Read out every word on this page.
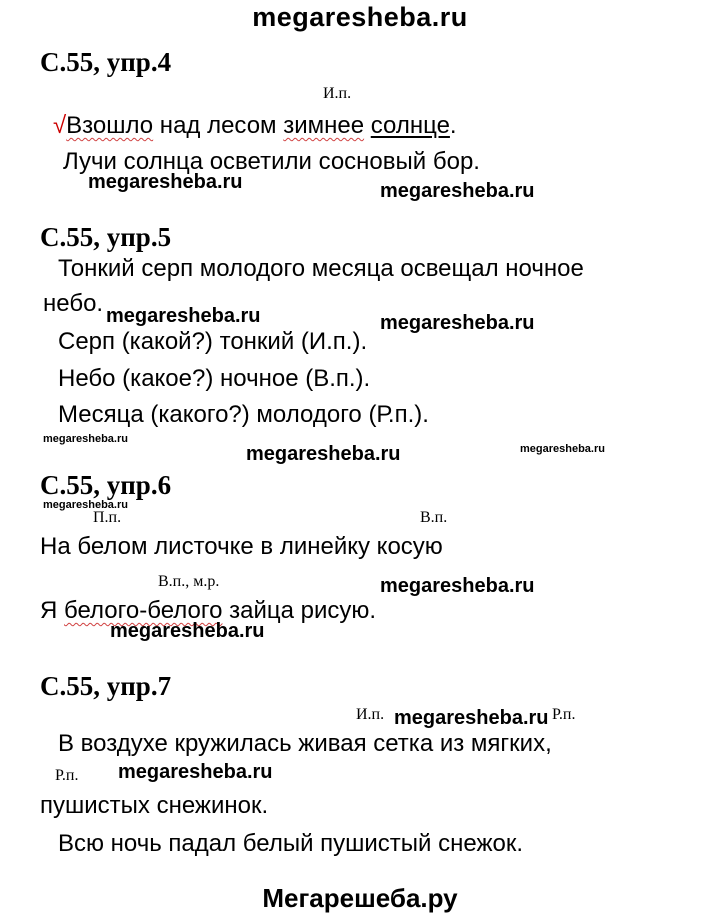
megaresheba.ru
Мегарешеба.ру
С.55, упр.4
И.п.
√Взошло над лесом зимнее солнце.
Лучи солнца осветили сосновый бор.
megaresheba.ru	megaresheba.ru
С.55, упр.5
Тонкий серп молодого месяца освещал ночное
небо. megaresheba.ru	megaresheba.ru
Серп (какой?) тонкий (И.п.).
Небо (какое?) ночное (В.п.).
Месяца (какого?) молодого (Р.п.).
megaresheba.ru
megaresheba.ru	megaresheba.ru
С.55, упр.6
megaresheba.ru
П.п.	В.п.
На белом листочке в линейку косую
В.п., м.р.	megaresheba.ru
Я белого-белого зайца рисую.
megaresheba.ru
С.55, упр.7
И.п. megaresheba.ru Р.п.
В воздухе кружилась живая сетка из мягких,
Р.п. megaresheba.ru
пушистых снежинок.
Всю ночь падал белый пушистый снежок.
